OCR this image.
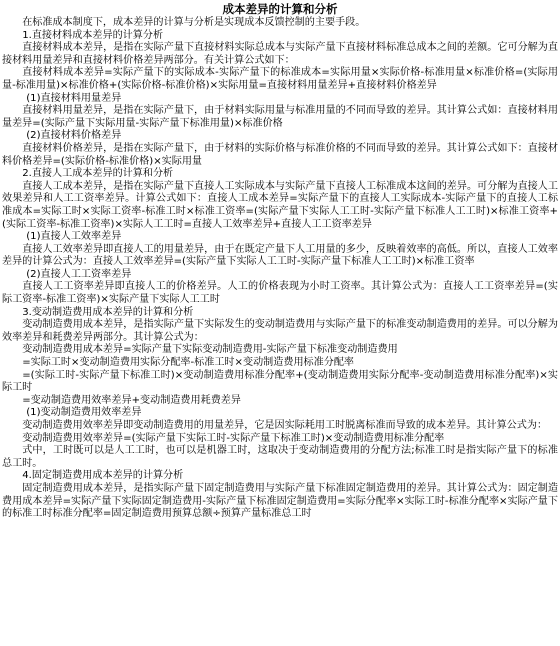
成本差异的计算和分析

在标准成本制度下，成本差异的计算与分析是实现成本反馈控制的主要手段。

1.直接材料成本差异的计算分析

直接材料成本差异，是指在实际产量下直接材料实际总成本与实际产量下直接材料标准总成本之间的差额。它可分解为直接材料用量差异和直接材料价格差异两部分。有关计算公式如下：

直接材料成本差异=实际产量下的实际成本-实际产量下的标准成本=实际用量×实际价格-标准用量×标准价格=(实际用量-标准用量)×标准价格+(实际价格-标准价格)×实际用量=直接材料用量差异+直接材料价格差异

(1)直接材料用量差异

直接材料用量差异，是指在实际产量下，由于材料实际用量与标准用量的不同而导致的差异。其计算公式如：直接材料用量差异=(实际产量下实际用量-实际产量下标准用量)×标准价格

(2)直接材料价格差异

直接材料价格差异，是指在实际产量下，由于材料的实际价格与标准价格的不同而导致的差异。其计算公式如下：直接材料价格差异=(实际价格-标准价格)×实际用量

2.直接人工成本差异的计算和分析

直接人工成本差异，是指在实际产量下直接人工实际成本与实际产量下直接人工标准成本这间的差异。可分解为直接人工效果差异和人工工资率差异。计算公式如下：直接人工成本差异=实际产量下的直接人工实际成本-实际产量下的直接人工标准成本=实际工时×实际工资率-标准工时×标准工资率=(实际产量下实际人工工时-实际产量下标准人工工时)×标准工资率+(实际工资率-标准工资率)×实际人工工时=直接人工效率差异+直接人工工资率差异

(1)直接人工效率差异

直接人工效率差异即直接人工的用量差异，由于在既定产量下人工用量的多少，反映着效率的高低。所以，直接人工效率差异的计算公式为：直接人工效率差异=(实际产量下实际人工工时-实际产量下标准人工工时)×标准工资率

(2)直接人工工资率差异

直接人工工资率差异即直接人工的价格差异。人工的价格表现为小时工资率。其计算公式为：直接人工工资率差异=(实际工资率-标准工资率)×实际产量下实际人工工时

3.变动制造费用成本差异的计算和分析

变动制造费用成本差异，是指实际产量下实际发生的变动制造费用与实际产量下的标准变动制造费用的差异。可以分解为效率差异和耗费差异两部分。其计算公式为：

变动制造费用成本差异=实际产量下实际变动制造费用-实际产量下标准变动制造费用

=实际工时×变动制造费用实际分配率-标准工时×变动制造费用标准分配率

=(实际工时-实际产量下标准工时)×变动制造费用标准分配率+(变动制造费用实际分配率-变动制造费用标准分配率)×实际工时

=变动制造费用效率差异+变动制造费用耗费差异

(1)变动制造费用效率差异

变动制造费用效率差异即变动制造费用的用量差异，它是因实际耗用工时脱离标准而导致的成本差异。其计算公式为：

变动制造费用效率差异=(实际产量下实际工时-实际产量下标准工时)×变动制造费用标准分配率

式中，工时既可以是人工工时，也可以是机器工时，这取决于变动制造费用的分配方法;标准工时是指实际产量下的标准总工时。

4.固定制造费用成本差异的计算分析

固定制造费用成本差异，是指实际产量下固定制造费用与实际产量下标准固定制造费用的差异。其计算公式为：固定制造费用成本差异=实际产量下实际固定制造费用-实际产量下标准固定制造费用=实际分配率×实际工时-标准分配率×实际产量下的标准工时标准分配率=固定制造费用预算总额÷预算产量标准总工时
